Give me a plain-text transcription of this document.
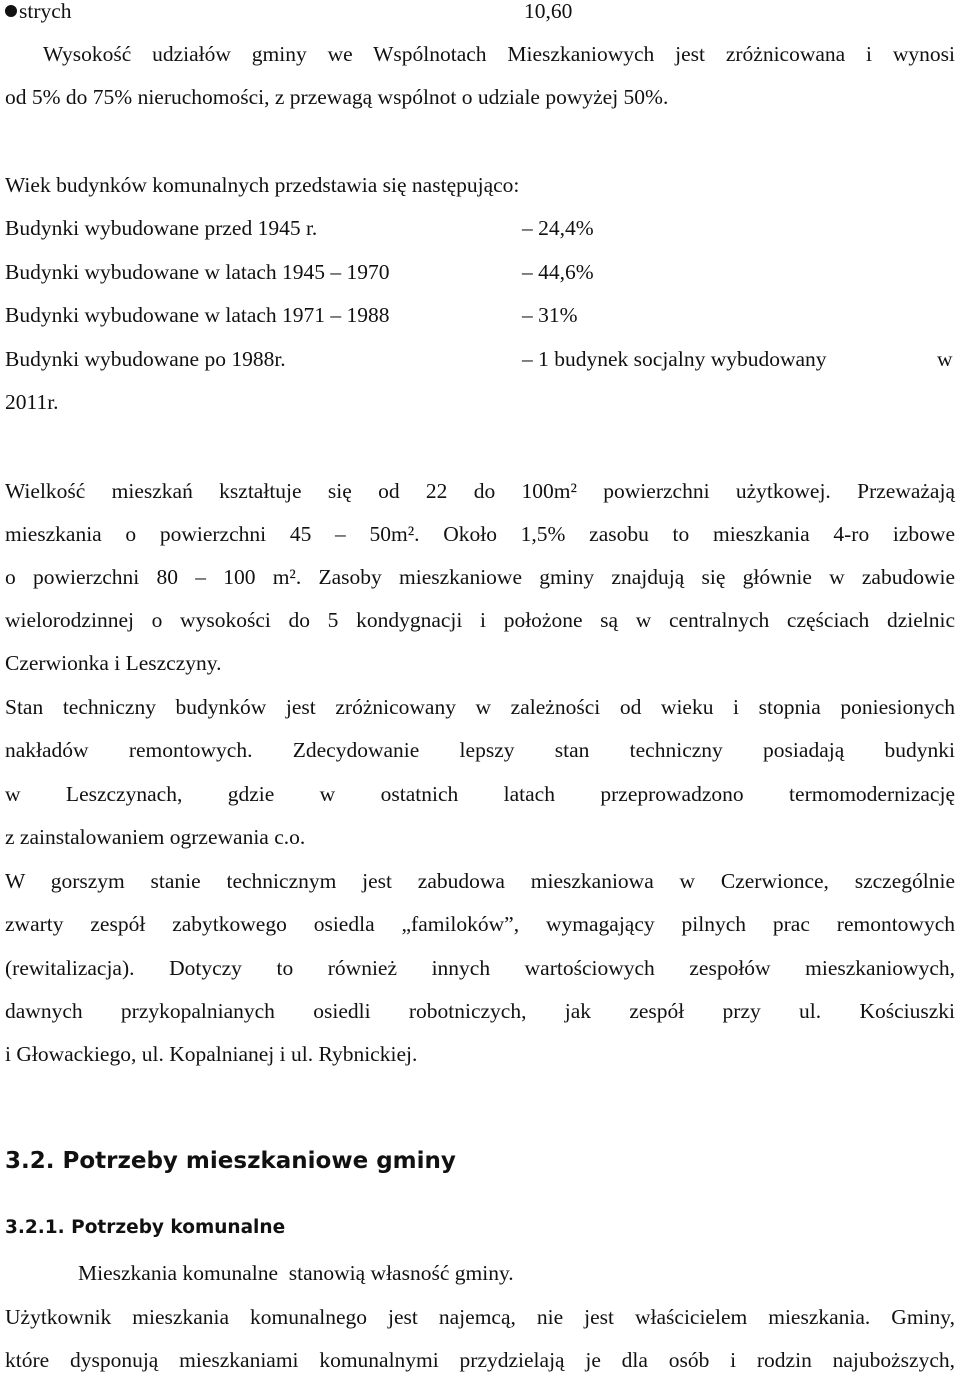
strych	10,60
Wysokość udziałów gminy we Wspólnotach Mieszkaniowych jest zróżnicowana i wynosi
od 5% do 75% nieruchomości, z przewagą wspólnot o udziale powyżej 50%.
Wiek budynków komunalnych przedstawia się następująco:
Budynki wybudowane przed 1945 r.	– 24,4%
Budynki wybudowane w latach 1945 – 1970	– 44,6%
Budynki wybudowane w latach 1971 – 1988	– 31%
Budynki wybudowane po 1988r.	– 1 budynek socjalny wybudowany	w
2011r.
Wielkość mieszkań kształtuje się od 22 do 100m² powierzchni użytkowej. Przeważają
mieszkania o powierzchni 45 – 50m². Około 1,5% zasobu to mieszkania 4-ro izbowe
o powierzchni 80 – 100 m². Zasoby mieszkaniowe gminy znajdują się głównie w zabudowie
wielorodzinnej o wysokości do 5 kondygnacji i położone są w centralnych częściach dzielnic
Czerwionka i Leszczyny.
Stan techniczny budynków jest zróżnicowany w zależności od wieku i stopnia poniesionych
nakładów remontowych. Zdecydowanie lepszy stan techniczny posiadają budynki
w Leszczynach, gdzie w ostatnich latach przeprowadzono termomodernizację
z zainstalowaniem ogrzewania c.o.
W gorszym stanie technicznym jest zabudowa mieszkaniowa w Czerwionce, szczególnie
zwarty zespół zabytkowego osiedla „familoków”, wymagający pilnych prac remontowych
(rewitalizacja). Dotyczy to również innych wartościowych zespołów mieszkaniowych,
dawnych przykopalnianych osiedli robotniczych, jak zespół przy ul. Kościuszki
i Głowackiego, ul. Kopalnianej i ul. Rybnickiej.
3.2. Potrzeby mieszkaniowe gminy
3.2.1. Potrzeby komunalne
Mieszkania komunalne  stanowią własność gminy.
Użytkownik mieszkania komunalnego jest najemcą, nie jest właścicielem mieszkania. Gminy,
które dysponują mieszkaniami komunalnymi przydzielają je dla osób i rodzin najuboższych,
